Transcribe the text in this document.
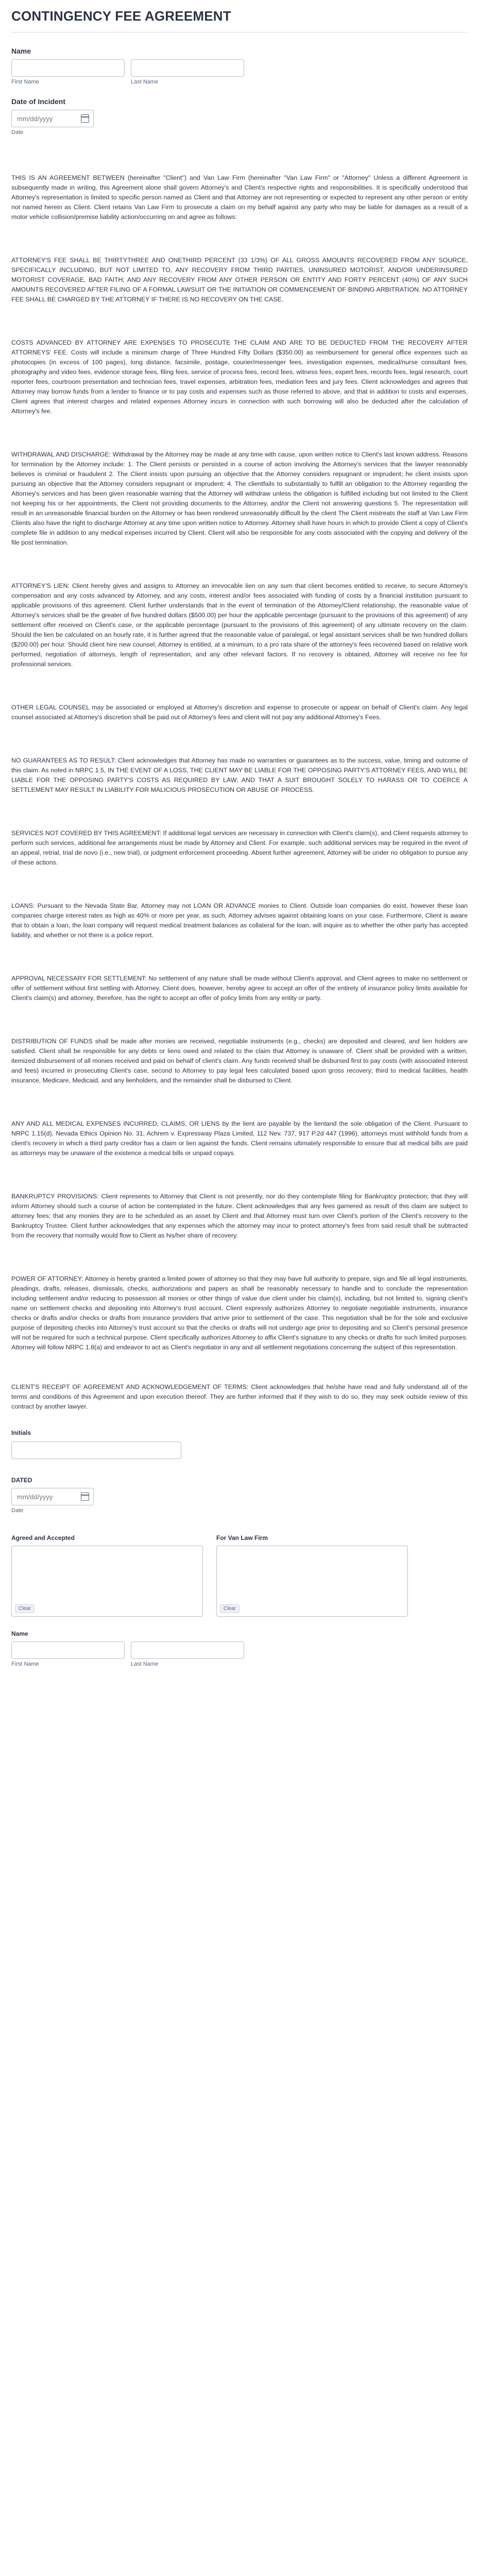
CONTINGENCY FEE AGREEMENT
Name
First Name	Last Name
Date of Incident
mm/dd/yyyy
Date

THIS IS AN AGREEMENT BETWEEN (hereinafter "Client") and Van Law Firm (hereinafter "Van Law Firm" or "Attorney" Unless a different Agreement is subsequently made in writing, this Agreement alone shall govern Attorney's and Client's respective rights and responsibilities. It is specifically understood that Attorney's representation is limited to specific person named as Client and that Attorney are not representing or expected to represent any other person or entity not named herein as Client. Client retains Van Law Firm to prosecute a claim on my behalf against any party who may be liable for damages as a result of a motor vehicle collision/premise liability action/occurring on and agree as follows:

ATTORNEY'S FEE SHALL BE THIRTYTHREE AND ONETHIRD PERCENT (33 1/3%) OF ALL GROSS AMOUNTS RECOVERED FROM ANY SOURCE, SPECIFICALLY INCLUDING, BUT NOT LIMITED TO, ANY RECOVERY FROM THIRD PARTIES, UNINSURED MOTORIST, AND/OR UNDERINSURED MOTORIST COVERAGE, BAD FAITH; AND ANY RECOVERY FROM ANY OTHER PERSON OR ENTITY AND FORTY PERCENT (40%) OF ANY SUCH AMOUNTS RECOVERED AFTER FILING OF A FORMAL LAWSUIT OR THE INITIATION OR COMMENCEMENT OF BINDING ARBITRATION. NO ATTORNEY FEE SHALL BE CHARGED BY THE ATTORNEY IF THERE IS NO RECOVERY ON THE CASE.

COSTS ADVANCED BY ATTORNEY ARE EXPENSES TO PROSECUTE THE CLAIM AND ARE TO BE DEDUCTED FROM THE RECOVERY AFTER ATTORNEYS' FEE. Costs will include a minimum charge of Three Hundred Fifty Dollars ($350.00) as reimbursement for general office expenses such as photocopies (in excess of 100 pages), long distance, facsimile, postage, courier/messenger fees, investigation expenses, medical/nurse consultant fees, photography and video fees, evidence storage fees, filing fees, service of process fees, record fees, witness fees, expert fees, records fees, legal research, court reporter fees, courtroom presentation and technician fees, travel expenses, arbitration fees, mediation fees and jury fees. Client acknowledges and agrees that Attorney may borrow funds from a lender to finance or to pay costs and expenses such as those referred to above, and that in addition to costs and expenses, Client agrees that interest charges and related expenses Attorney incurs in connection with such borrowing will also be deducted after the calculation of Attorney's fee.

WITHDRAWAL AND DISCHARGE: Withdrawal by the Attorney may be made at any time with cause, upon written notice to Client's last known address. Reasons for termination by the Attorney include: 1. The Client persists or persisted in a course of action involving the Attorney's services that the lawyer reasonably believes is criminal or fraudulent 2. The Client insists upon pursuing an objective that the Attorney considers repugnant or imprudent; he client insists upon pursuing an objective that the Attorney considers repugnant or imprudent; 4. The clientfails to substantially to fulfill an obligation to the Attorney regarding the Attorney's services and has been given reasonable warning that the Attorney will withdraw unless the obligation is fulfilled including but not limited to the Client not keeping his or her appointments, the Client not providing documents to the Attorney, and/or the Client not answering questions 5. The representation will result in an unreasonable financial burden on the Attorney or has been rendered unreasonably difficult by the client The Client mistreats the staff at Van Law Firm Clients also have the right to discharge Attorney at any time upon written notice to Attorney. Attorney shall have hours in which to provide Client a copy of Client's complete file in addition to any medical expenses incurred by Client. Client will also be responsible for any costs associated with the copying and delivery of the file post termination.

ATTORNEY'S LIEN: Client hereby gives and assigns to Attorney an irrevocable lien on any sum that client becomes entitled to receive, to secure Attorney's compensation and any costs advanced by Attorney, and any costs, interest and/or fees associated with funding of costs by a financial institution pursuant to applicable provisions of this agreement. Client further understands that in the event of termination of the Attorney/Client relationship, the reasonable value of Attorney's services shall be the greater of five hundred dollars ($500.00) per hour the applicable percentage (pursuant to the provisions of this agreement) of any settlement offer received on Client's case, or the applicable percentage (pursuant to the provisions of this agreement) of any ultimate recovery on the claim. Should the lien be calculated on an hourly rate, it is further agreed that the reasonable value of paralegal, or legal assistant services shall be two hundred dollars ($200.00) per hour. Should client hire new counsel, Attorney is entitled, at a minimum, to a pro rata share of the attorney's fees recovered based on relative work performed, negotiation of attorneys, length of representation, and any other relevant factors. If no recovery is obtained, Attorney will receive no fee for professional services.

OTHER LEGAL COUNSEL may be associated or employed at Attorney's discretion and expense to prosecute or appear on behalf of Client's claim. Any legal counsel associated at Attorney's discretion shall be paid out of Attorney's fees and client will not pay any additional Attorney's Fees.

NO GUARANTEES AS TO RESULT: Client acknowledges that Attorney has made no warranties or guarantees as to the success, value, timing and outcome of this claim. As noted in NRPC 1.5, IN THE EVENT OF A LOSS, THE CLIENT MAY BE LIABLE FOR THE OPPOSING PARTY'S ATTORNEY FEES, AND WILL BE LIABLE FOR THE OPPOSING PARTY'S COSTS AS REQUIRED BY LAW; AND THAT A SUIT BROUGHT SOLELY TO HARASS OR TO COERCE A SETTLEMENT MAY RESULT IN LIABILITY FOR MALICIOUS PROSECUTION OR ABUSE OF PROCESS.

SERVICES NOT COVERED BY THIS AGREEMENT: If additional legal services are necessary in connection with Client's claim(s), and Client requests attorney to perform such services, additional fee arrangements must be made by Attorney and Client. For example, such additional services may be required in the event of an appeal, retrial, trial de novo (i.e., new trial), or judgment enforcement proceeding. Absent further agreement, Attorney will be under no obligation to pursue any of these actions.

LOANS: Pursuant to the Nevada State Bar, Attorney may not LOAN OR ADVANCE monies to Client. Outside loan companies do exist, however these loan companies charge interest rates as high as 40% or more per year, as such, Attorney advises against obtaining loans on your case. Furthermore, Client is aware that to obtain a loan, the loan company will request medical treatment balances as collateral for the loan, will inquire as to whether the other party has accepted liability, and whether or not there is a police report.

APPROVAL NECESSARY FOR SETTLEMENT: No settlement of any nature shall be made without Client's approval, and Client agrees to make no settlement or offer of settlement without first settling with Attorney. Client does, however, hereby agree to accept an offer of the entirety of insurance policy limits available for Client's claim(s) and attorney, therefore, has the right to accept an offer of policy limits from any entity or party.

DISTRIBUTION OF FUNDS shall be made after monies are received, negotiable instruments (e.g., checks) are deposited and cleared, and lien holders are satisfied. Client shall be responsible for any debts or liens owed and related to the claim that Attorney is unaware of. Client shall be provided with a written, itemized disbursement of all monies received and paid on behalf of client's claim. Any funds received shall be disbursed first to pay costs (with associated interest and fees) incurred in prosecuting Client's case, second to Attorney to pay legal fees calculated based upon gross recovery; third to medical facilities, health insurance, Medicare, Medicaid, and any lienholders, and the remainder shall be disbursed to Client.

ANY AND ALL MEDICAL EXPENSES INCURRED, CLAIMS, OR LIENS by the lient are payable by the lientand the sole obligation of the Client. Pursuant to NRPC 1.15(d), Nevada Ethics Opinion No. 31, Achrem v. Expressway Plaza Limited, 112 Nev. 737, 917 P.2d 447 (1996), attorneys must withhold funds from a client's recovery in which a third party creditor has a claim or lien against the funds. Client remains ultimately responsible to ensure that all medical bills are paid as attorneys may be unaware of the existence a medical bills or unpaid copays.

BANKRUPTCY PROVISIONS: Client represents to Attorney that Client is not presently, nor do they contemplate filing for Bankruptcy protection; that they will inform Attorney should such a course of action be contemplated in the future. Client acknowledges that any fees garnered as result of this claim are subject to attorney fees; that any monies they are to be scheduled as an asset by Client and that Attorney must turn over Client's portion of the Client's recovery to the Bankruptcy Trustee. Client further acknowledges that any expenses which the attorney may incur to protect attorney's fees from said result shall be subtracted from the recovery that normally would flow to Client as his/her share of recovery.

POWER OF ATTORNEY: Attorney is hereby granted a limited power of attorney so that they may have full authority to prepare, sign and file all legal instruments, pleadings, drafts, releases, dismissals, checks, authorizations and papers as shall be reasonably necessary to handle and to conclude the representation including settlement and/or reducing to possession all monies or other things of value due client under his claim(s), including, but not limited to, signing client's name on settlement checks and depositing into Attorney's trust account. Client expressly authorizes Attorney to negotiate negotiable instruments, insurance checks or drafts and/or checks or drafts from insurance providers that arrive prior to settlement of the case. This negotiation shall be for the sole and exclusive purpose of depositing checks into Attorney's trust account so that the checks or drafts will not undergo age prior to depositing and so Client's personal presence will not be required for such a technical purpose. Client specifically authorizes Attorney to affix Client's signature to any checks or drafts for such limited purposes. Attorney will follow NRPC 1.8(a) and endeavor to act as Client's negotiator in any and all settlement negotiations concerning the subject of this representation.

CLIENT'S RECEIPT OF AGREEMENT AND ACKNOWLEDGEMENT OF TERMS: Client acknowledges that he/she have read and fully understand all of the terms and conditions of this Agreement and upon execution thereof. They are further informed that if they wish to do so, they may seek outside review of this contract by another lawyer.

Initials
DATED
mm/dd/yyyy
Date
Agreed and Accepted
Clear
For Van Law Firm
Clear
Name
First Name	Last Name
